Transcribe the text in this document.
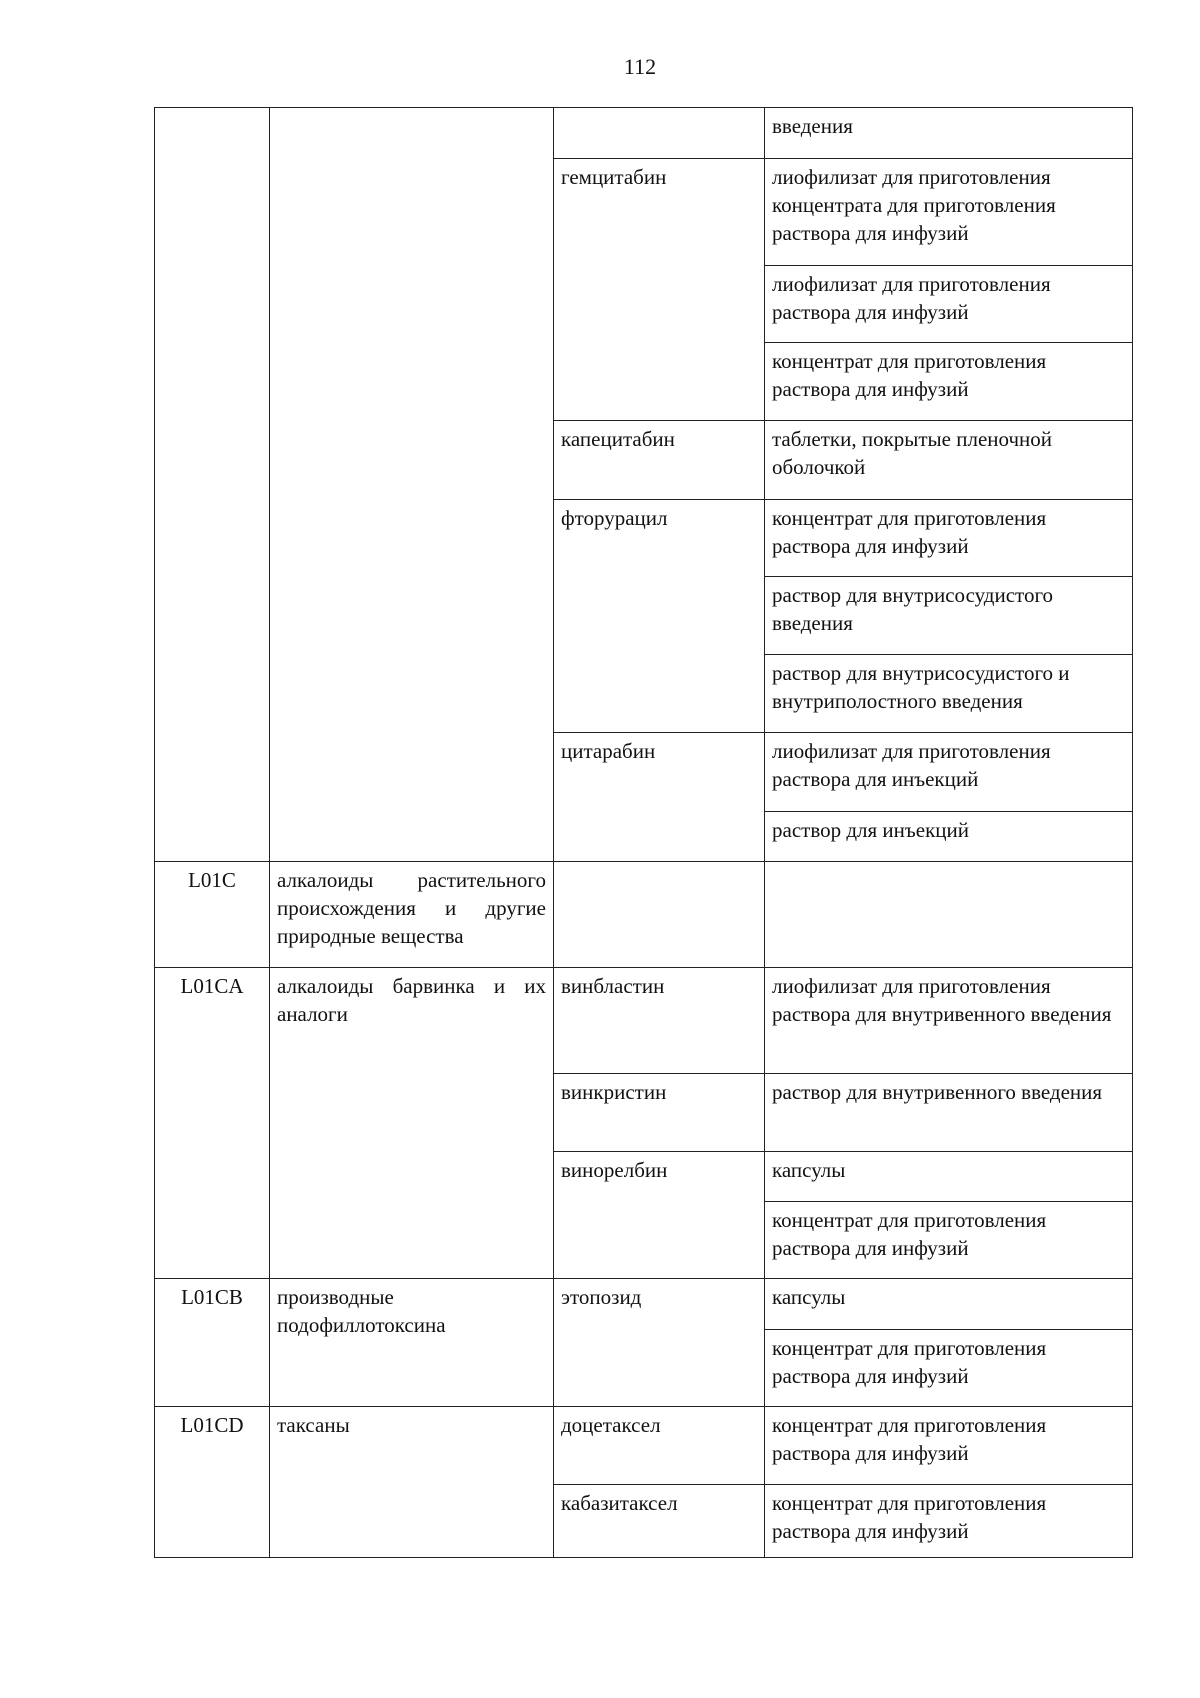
112
			введения
		гемцитабин	лиофилизат для приготовления концентрата для приготовления раствора для инфузий
			лиофилизат для приготовления раствора для инфузий
			концентрат для приготовления раствора для инфузий
		капецитабин	таблетки, покрытые пленочной оболочкой
		фторурацил	концентрат для приготовления раствора для инфузий
			раствор для внутрисосудистого введения
			раствор для внутрисосудистого и внутриполостного введения
		цитарабин	лиофилизат для приготовления раствора для инъекций
			раствор для инъекций
L01C	алкалоиды растительного происхождения и другие природные вещества		
L01CA	алкалоиды барвинка и их аналоги	винбластин	лиофилизат для приготовления раствора для внутривенного введения
		винкристин	раствор для внутривенного введения
		винорелбин	капсулы
			концентрат для приготовления раствора для инфузий
L01CB	производные подофиллотоксина	этопозид	капсулы
			концентрат для приготовления раствора для инфузий
L01CD	таксаны	доцетаксел	концентрат для приготовления раствора для инфузий
		кабазитаксел	концентрат для приготовления раствора для инфузий
